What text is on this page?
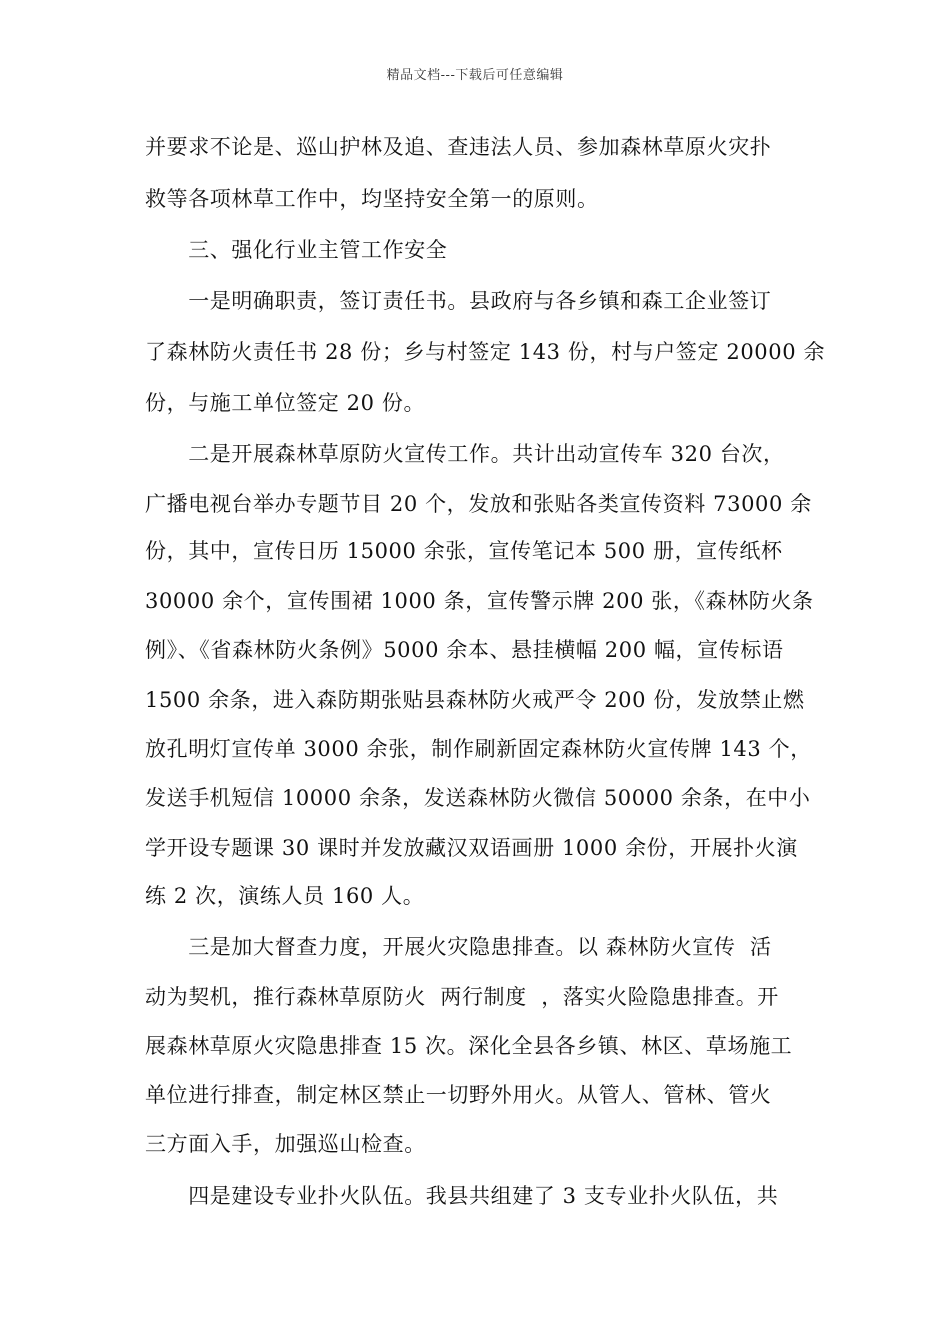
精品文档---下载后可任意编辑
并要求不论是、巡山护林及追、查违法人员、参加森林草原火灾扑
救等各项林草工作中，均坚持安全第一的原则。
　　三、强化行业主管工作安全
　　一是明确职责，签订责任书。县政府与各乡镇和森工企业签订
了森林防火责任书 28 份；乡与村签定 143 份，村与户签定 20000 余
份，与施工单位签定 20 份。
　　二是开展森林草原防火宣传工作。共计出动宣传车 320 台次，
广播电视台举办专题节目 20 个，发放和张贴各类宣传资料 73000 余
份，其中，宣传日历 15000 余张，宣传笔记本 500 册，宣传纸杯
30000 余个，宣传围裙 1000 条，宣传警示牌 200 张，《森林防火条
例》、《省森林防火条例》5000 余本、悬挂横幅 200 幅，宣传标语
1500 余条，进入森防期张贴县森林防火戒严令 200 份，发放禁止燃
放孔明灯宣传单 3000 余张，制作刷新固定森林防火宣传牌 143 个，
发送手机短信 10000 余条，发送森林防火微信 50000 余条，在中小
学开设专题课 30 课时并发放藏汉双语画册 1000 余份，开展扑火演
练 2 次，演练人员 160 人。
　　三是加大督查力度，开展火灾隐患排查。以 森林防火宣传  活
动为契机，推行森林草原防火  两行制度  ，落实火险隐患排查。开
展森林草原火灾隐患排查 15 次。深化全县各乡镇、林区、草场施工
单位进行排查，制定林区禁止一切野外用火。从管人、管林、管火
三方面入手，加强巡山检查。
　　四是建设专业扑火队伍。我县共组建了 3 支专业扑火队伍，共
